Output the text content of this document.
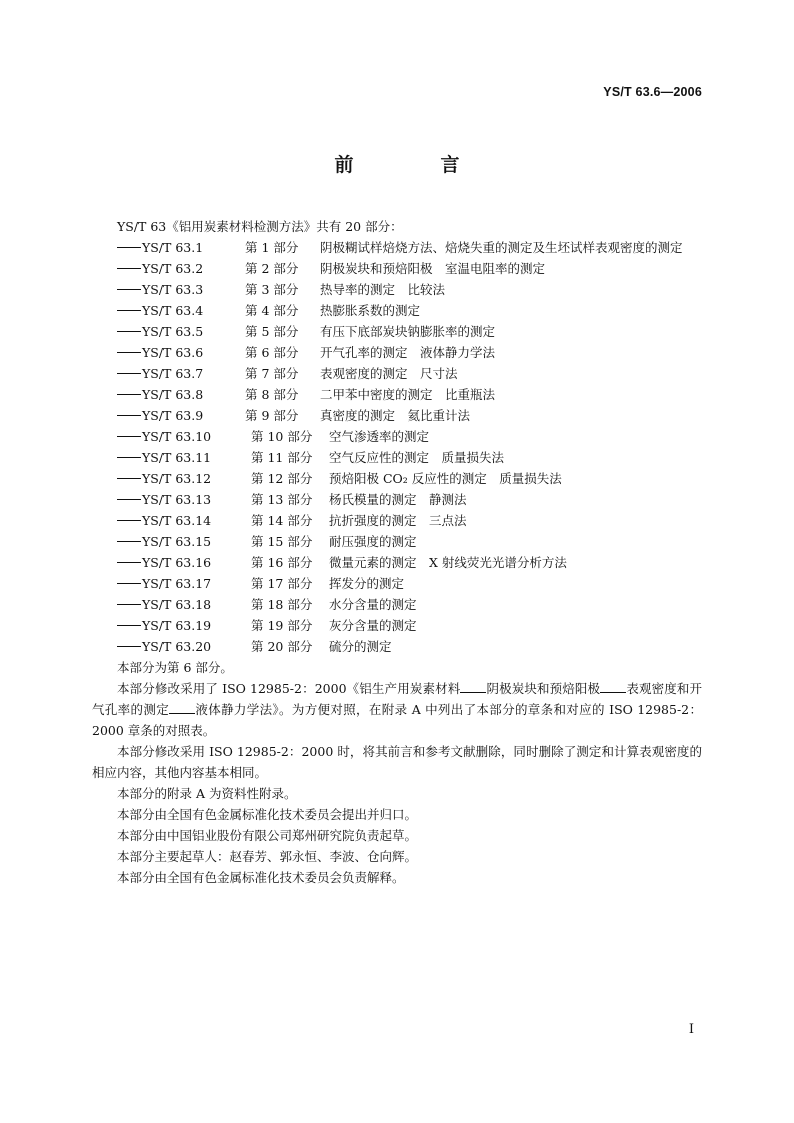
YS/T 63.6—2006
前　言
YS/T 63《铝用炭素材料检测方法》共有 20 部分：
YS/T 63.1	第 1 部分	阴极糊试样焙烧方法、焙烧失重的测定及生坯试样表观密度的测定
YS/T 63.2	第 2 部分	阴极炭块和预焙阳极　室温电阻率的测定
YS/T 63.3	第 3 部分	热导率的测定　比较法
YS/T 63.4	第 4 部分	热膨胀系数的测定
YS/T 63.5	第 5 部分	有压下底部炭块钠膨胀率的测定
YS/T 63.6	第 6 部分	开气孔率的测定　液体静力学法
YS/T 63.7	第 7 部分	表观密度的测定　尺寸法
YS/T 63.8	第 8 部分	二甲苯中密度的测定　比重瓶法
YS/T 63.9	第 9 部分	真密度的测定　氦比重计法
YS/T 63.10	第 10 部分	空气渗透率的测定
YS/T 63.11	第 11 部分	空气反应性的测定　质量损失法
YS/T 63.12	第 12 部分	预焙阳极 CO₂ 反应性的测定　质量损失法
YS/T 63.13	第 13 部分	杨氏模量的测定　静测法
YS/T 63.14	第 14 部分	抗折强度的测定　三点法
YS/T 63.15	第 15 部分	耐压强度的测定
YS/T 63.16	第 16 部分	微量元素的测定　X 射线荧光光谱分析方法
YS/T 63.17	第 17 部分	挥发分的测定
YS/T 63.18	第 18 部分	水分含量的测定
YS/T 63.19	第 19 部分	灰分含量的测定
YS/T 63.20	第 20 部分	硫分的测定
本部分为第 6 部分。
本部分修改采用了 ISO 12985-2：2000《铝生产用炭素材料 阴极炭块和预焙阳极 表观密度和开气孔率的测定 液体静力学法》。为方便对照，在附录 A 中列出了本部分的章条和对应的 ISO 12985-2：2000 章条的对照表。
本部分修改采用 ISO 12985-2：2000 时，将其前言和参考文献删除，同时删除了测定和计算表观密度的相应内容，其他内容基本相同。
本部分的附录 A 为资料性附录。
本部分由全国有色金属标准化技术委员会提出并归口。
本部分由中国铝业股份有限公司郑州研究院负责起草。
本部分主要起草人：赵春芳、郭永恒、李波、仓向辉。
本部分由全国有色金属标准化技术委员会负责解释。
I
